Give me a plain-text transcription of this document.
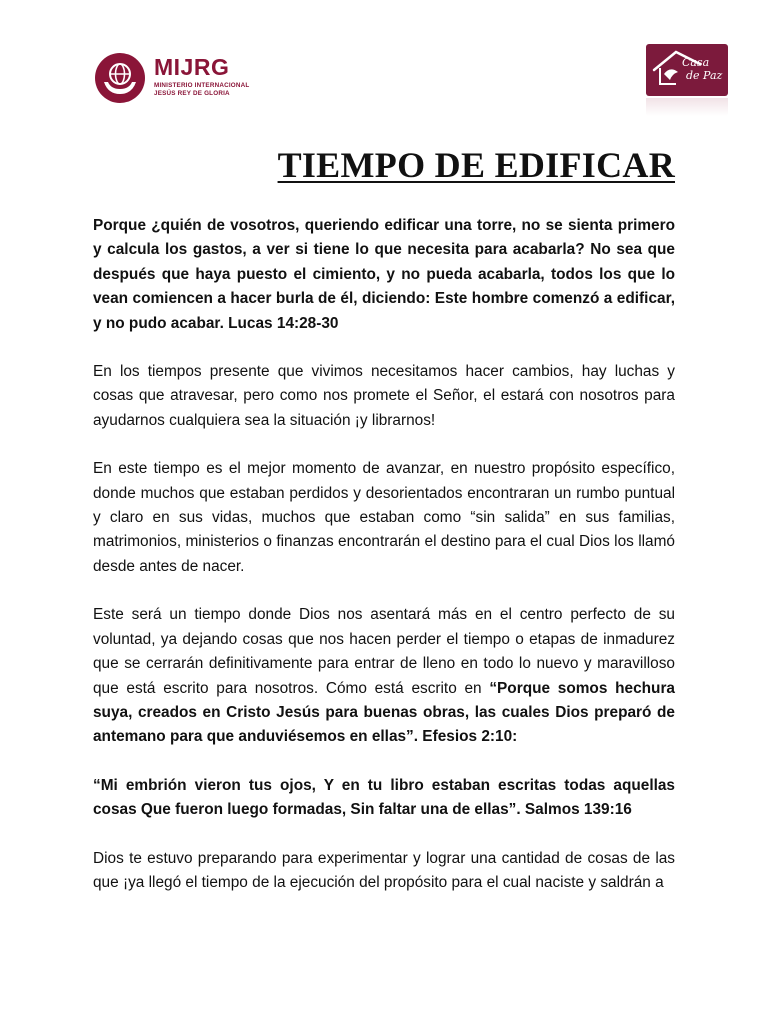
MIJRG
MINISTERIO INTERNACIONAL
JESÚS REY DE GLORIA
Casa
de Paz
TIEMPO DE EDIFICAR

Porque ¿quién de vosotros, queriendo edificar una torre, no se sienta primero y calcula los gastos, a ver si tiene lo que necesita para acabarla? No sea que después que haya puesto el cimiento, y no pueda acabarla, todos los que lo vean comiencen a hacer burla de él, diciendo: Este hombre comenzó a edificar, y no pudo acabar. Lucas 14:28-30

En los tiempos presente que vivimos necesitamos hacer cambios, hay luchas y cosas que atravesar, pero como nos promete el Señor, el estará con nosotros para ayudarnos cualquiera sea la situación ¡y librarnos!

En este tiempo es el mejor momento de avanzar, en nuestro propósito específico, donde muchos que estaban perdidos y desorientados encontraran un rumbo puntual y claro en sus vidas, muchos que estaban como “sin salida” en sus familias, matrimonios, ministerios o finanzas encontrarán el destino para el cual Dios los llamó desde antes de nacer.

Este será un tiempo donde Dios nos asentará más en el centro perfecto de su voluntad, ya dejando cosas que nos hacen perder el tiempo o etapas de inmadurez que se cerrarán definitivamente para entrar de lleno en todo lo nuevo y maravilloso que está escrito para nosotros. Cómo está escrito en “Porque somos hechura suya, creados en Cristo Jesús para buenas obras, las cuales Dios preparó de antemano para que anduviésemos en ellas”. Efesios 2:10:

“Mi embrión vieron tus ojos, Y en tu libro estaban escritas todas aquellas cosas Que fueron luego formadas, Sin faltar una de ellas”. Salmos 139:16

Dios te estuvo preparando para experimentar y lograr una cantidad de cosas de las que ¡ya llegó el tiempo de la ejecución del propósito para el cual naciste y saldrán a
